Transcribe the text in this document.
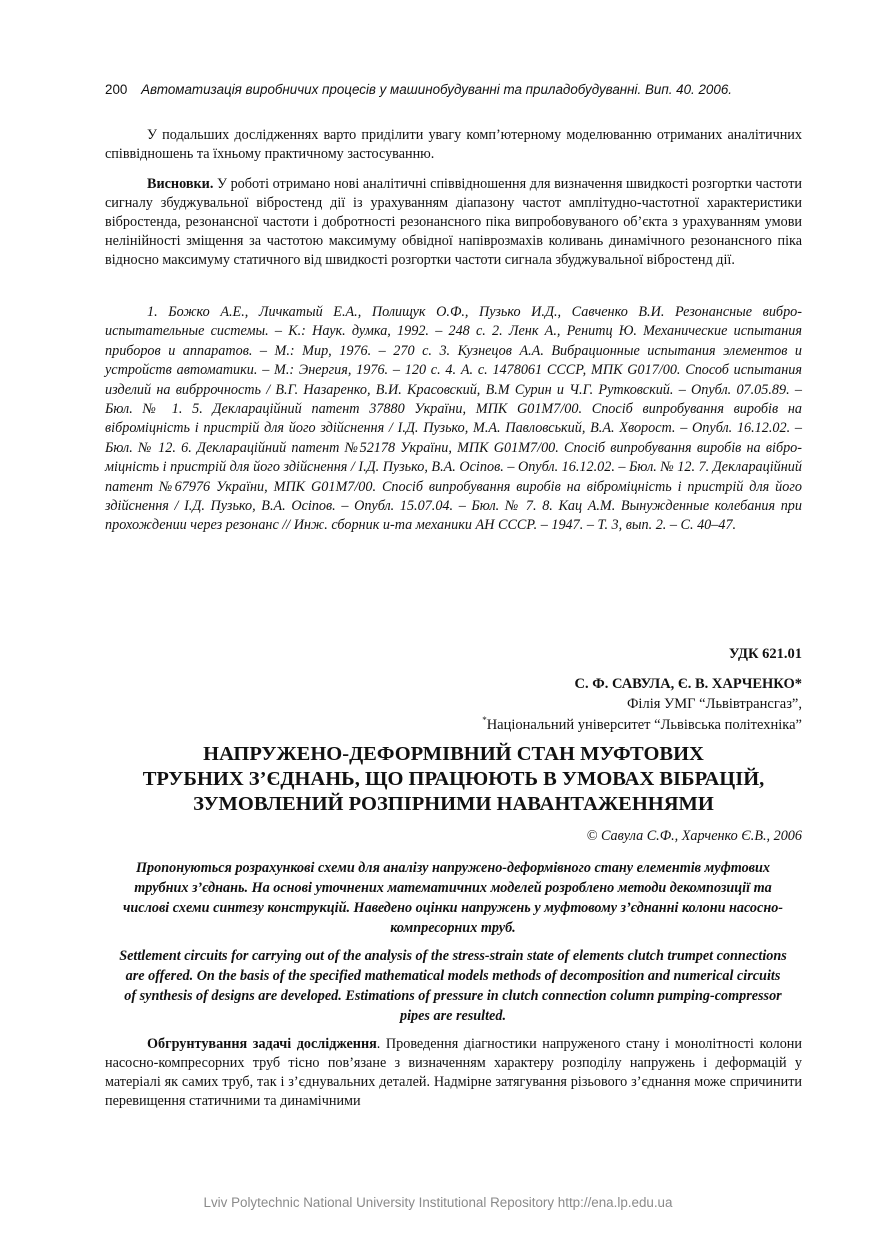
200 Автоматизація виробничих процесів у машинобудуванні та приладобудуванні. Вип. 40. 2006.

У подальших дослідженнях варто приділити увагу комп’ютерному моделюванню отриманих аналітичних співвідношень та їхньому практичному застосуванню.

Висновки. У роботі отримано нові аналітичні співвідношення для визначення швидкості розгортки частоти сигналу збуджувальної вібростенд дії із урахуванням діапазону частот амплітудно-частотної характеристики вібростенда, резонансної частоти і добротності резонансного піка випробовуваного об’єкта з урахуванням умови нелінійності зміщення за частотою максимуму обвідної напіврозмахів коливань динамічного резонансного піка відносно максимуму статичного від швидкості розгортки частоти сигнала збуджувальної вібростенд дії.

1. Божко А.Е., Личкатый Е.А., Полищук О.Ф., Пузько И.Д., Савченко В.И. Резонансные виброиспытательные системы. – К.: Наук. думка, 1992. – 248 с. 2. Ленк А., Ренитц Ю. Механические испытания приборов и аппаратов. – М.: Мир, 1976. – 270 с. 3. Кузнецов А.А. Вибрационные испытания элементов и устройств автоматики. – М.: Энергия, 1976. – 120 с. 4. А. с. 1478061 СССР, МПК G017/00. Способ испытания изделий на вибрpочность / В.Г. Назаренко, В.И. Красовский, В.М Сурин и Ч.Г. Рутковский. – Опубл. 07.05.89. – Бюл. № 1. 5. Деклараційний патент 37880 України, МПК G01M7/00. Спосіб випробування виробів на віброміцність і пристрій для його здійснення / І.Д. Пузько, М.А. Павловський, В.А. Хворост. – Опубл. 16.12.02. – Бюл. № 12. 6. Деклараційний патент №52178 України, МПК G01M7/00. Спосіб випробування виробів на віброміцність і пристрій для його здійснення / І.Д. Пузько, В.А. Осіпов. – Опубл. 16.12.02. – Бюл. № 12. 7. Деклараційний патент №67976 України, МПК G01M7/00. Спосіб випробування виробів на віброміцність і пристрій для його здійснення / І.Д. Пузько, В.А. Осіпов. – Опубл. 15.07.04. – Бюл. № 7. 8. Кац А.М. Вынужденные колебания при прохождении через резонанс // Инж. сборник и-та механики АН СССР. – 1947. – Т. 3, вып. 2. – С. 40–47.

УДК 621.01
С. Ф. САВУЛА, Є. В. ХАРЧЕНКО*
Філія УМГ “Львівтрансгаз”,
*Національний університет “Львівська політехніка”
НАПРУЖЕНО-ДЕФОРМІВНИЙ СТАН МУФТОВИХ
ТРУБНИХ З’ЄДНАНЬ, ЩО ПРАЦЮЮТЬ В УМОВАХ ВІБРАЦІЙ,
ЗУМОВЛЕНИЙ РОЗПІРНИМИ НАВАНТАЖЕННЯМИ
© Савула С.Ф., Харченко Є.В., 2006

Пропонуються розрахункові схеми для аналізу напружено-деформівного стану елементів муфтових трубних з’єднань. На основі уточнених математичних моделей розроблено методи декомпозиції та числові схеми синтезу конструкцій. Наведено оцінки напружень у муфтовому з’єднанні колони насосно-компресорних труб.

Settlement circuits for carrying out of the analysis of the stress-strain state of elements clutch trumpet connections are offered. On the basis of the specified mathematical models methods of decomposition and numerical circuits of synthesis of designs are developed. Estimations of pressure in clutch connection column pumping-compressor pipes are resulted.

Обгрунтування задачі дослідження. Проведення діагностики напруженого стану і монолітності колони насосно-компресорних труб тісно пов’язане з визначенням характеру розподілу напружень і деформацій у матеріалі як самих труб, так і з’єднувальних деталей. Надмірне затягування різьового з’єднання може спричинити перевищення статичними та динамічними

Lviv Polytechnic National University Institutional Repository http://ena.lp.edu.ua
